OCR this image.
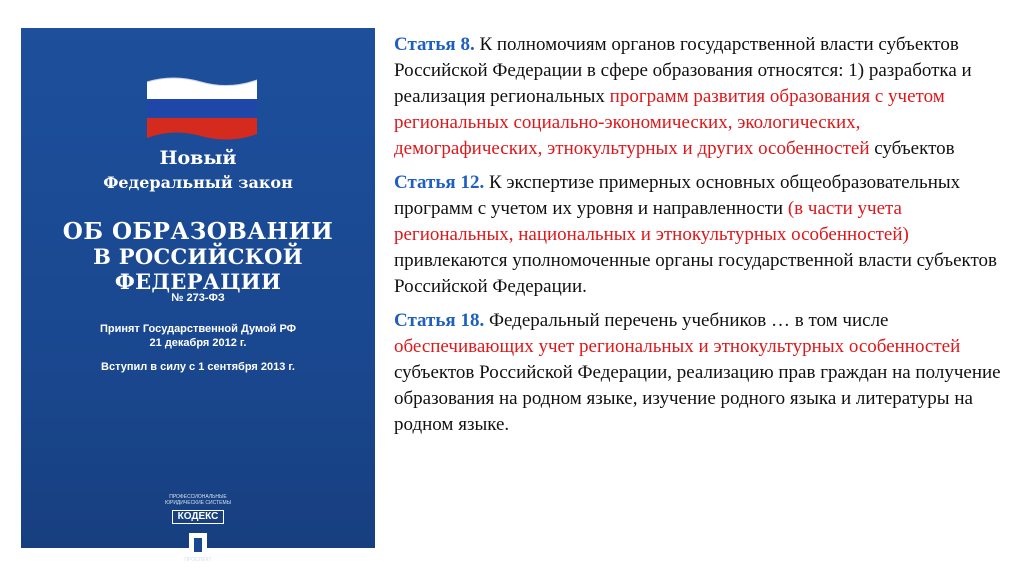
Новый
Федеральный закон
ОБ ОБРАЗОВАНИИ
В РОССИЙСКОЙ ФЕДЕРАЦИИ
№ 273-ФЗ
Принят Государственной Думой РФ
21 декабря 2012 г.
Вступил в силу с 1 сентября 2013 г.
ПРОФЕССИОНАЛЬНЫЕ ЮРИДИЧЕСКИЕ СИСТЕМЫ
КОДЕКС
ПРОСПЕКТ

Статья 8. К полномочиям органов государственной власти субъектов Российской Федерации в сфере образования относятся: 1) разработка и реализация региональных программ развития образования с учетом региональных социально-экономических, экологических, демографических, этнокультурных и других особенностей субъектов

Статья 12. К экспертизе примерных основных общеобразовательных программ с учетом их уровня и направленности (в части учета региональных, национальных и этнокультурных особенностей) привлекаются уполномоченные органы государственной власти субъектов Российской Федерации.

Статья 18. Федеральный перечень учебников … в том числе обеспечивающих учет региональных и этнокультурных особенностей субъектов Российской Федерации, реализацию прав граждан на получение образования на родном языке, изучение родного языка и литературы на родном языке.
